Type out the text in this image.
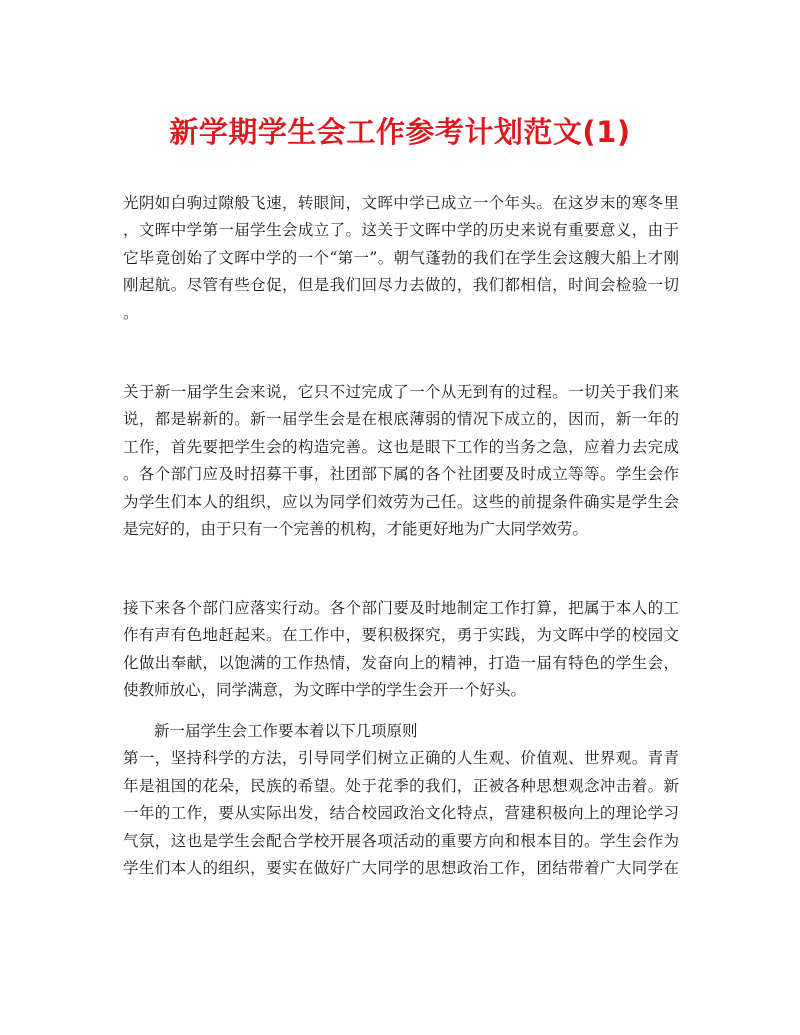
新学期学生会工作参考计划范文(1)
光阴如白驹过隙般飞速，转眼间，文晖中学已成立一个年头。在这岁末的寒冬里
，文晖中学第一届学生会成立了。这关于文晖中学的历史来说有重要意义，由于
它毕竟创始了文晖中学的一个“第一”。朝气蓬勃的我们在学生会这艘大船上才刚
刚起航。尽管有些仓促，但是我们回尽力去做的，我们都相信，时间会检验一切
。
关于新一届学生会来说，它只不过完成了一个从无到有的过程。一切关于我们来
说，都是崭新的。新一届学生会是在根底薄弱的情况下成立的，因而，新一年的
工作，首先要把学生会的构造完善。这也是眼下工作的当务之急，应着力去完成
。各个部门应及时招募干事，社团部下属的各个社团要及时成立等等。学生会作
为学生们本人的组织，应以为同学们效劳为己任。这些的前提条件确实是学生会
是完好的，由于只有一个完善的机构，才能更好地为广大同学效劳。
接下来各个部门应落实行动。各个部门要及时地制定工作打算，把属于本人的工
作有声有色地赶起来。在工作中，要积极探究，勇于实践，为文晖中学的校园文
化做出奉献，以饱满的工作热情，发奋向上的精神，打造一届有特色的学生会，
使教师放心，同学满意，为文晖中学的学生会开一个好头。
新一届学生会工作要本着以下几项原则
第一，坚持科学的方法，引导同学们树立正确的人生观、价值观、世界观。青青
年是祖国的花朵，民族的希望。处于花季的我们，正被各种思想观念冲击着。新
一年的工作，要从实际出发，结合校园政治文化特点，营建积极向上的理论学习
气氛，这也是学生会配合学校开展各项活动的重要方向和根本目的。学生会作为
学生们本人的组织，要实在做好广大同学的思想政治工作，团结带着广大同学在
